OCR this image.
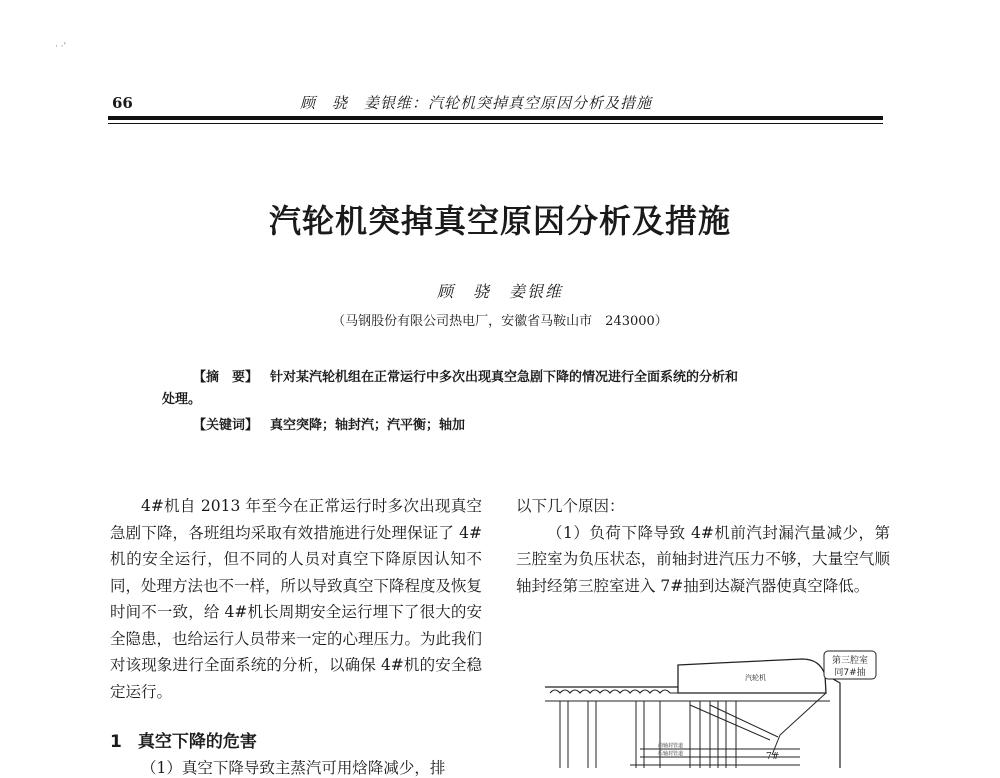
· ·'
66	顾　骁　姜银维：汽轮机突掉真空原因分析及措施
汽轮机突掉真空原因分析及措施
顾　骁　姜银维
（马钢股份有限公司热电厂，安徽省马鞍山市　243000）
【摘　要】 针对某汽轮机组在正常运行中多次出现真空急剧下降的情况进行全面系统的分析和
处理。
【关键词】 真空突降；轴封汽；汽平衡；轴加

4#机自 2013 年至今在正常运行时多次出现真空急剧下降，各班组均采取有效措施进行处理保证了 4#机的安全运行，但不同的人员对真空下降原因认知不同，处理方法也不一样，所以导致真空下降程度及恢复时间不一致，给 4#机长周期安全运行埋下了很大的安全隐患，也给运行人员带来一定的心理压力。为此我们对该现象进行全面系统的分析，以确保 4#机的安全稳定运行。

1 真空下降的危害
（1）真空下降导致主蒸汽可用焓降减少，排

以下几个原因：

（1）负荷下降导致 4#机前汽封漏汽量减少，第三腔室为负压状态，前轴封进汽压力不够，大量空气顺轴封经第三腔室进入 7#抽到达凝汽器使真空降低。

汽轮机
前轴封管道
后轴封管道	7#
第三腔室
同7#抽
